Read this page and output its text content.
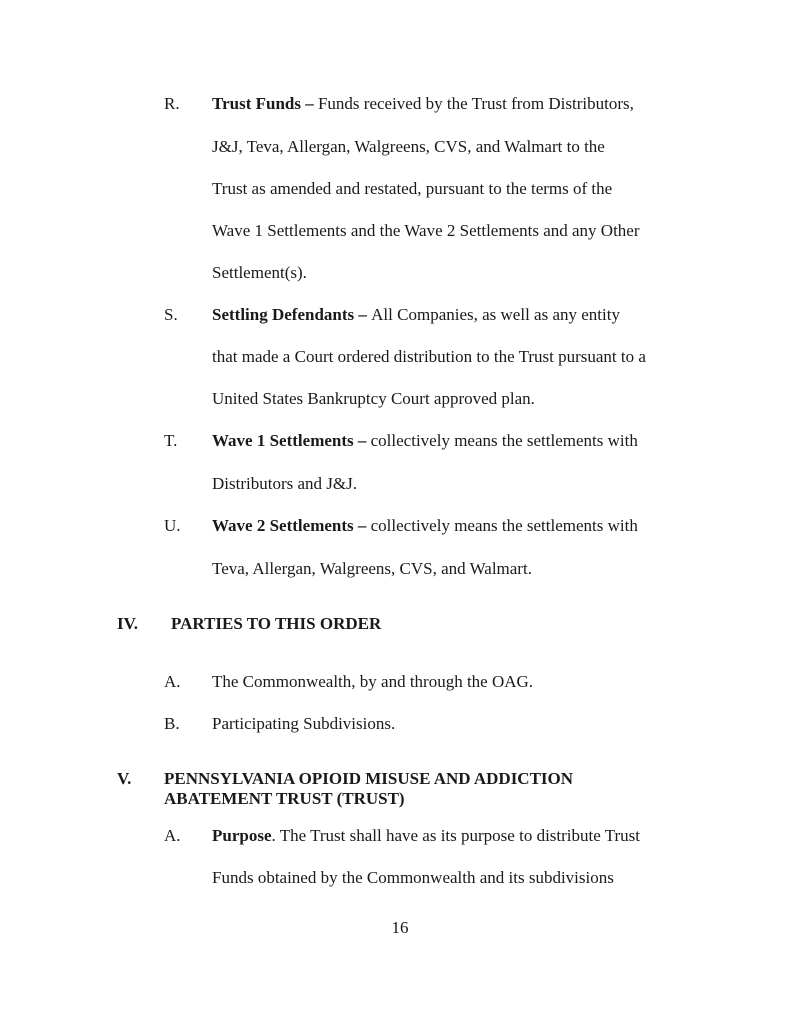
R. Trust Funds – Funds received by the Trust from Distributors,
J&J, Teva, Allergan, Walgreens, CVS, and Walmart to the
Trust as amended and restated, pursuant to the terms of the
Wave 1 Settlements and the Wave 2 Settlements and any Other
Settlement(s).
S. Settling Defendants – All Companies, as well as any entity
that made a Court ordered distribution to the Trust pursuant to a
United States Bankruptcy Court approved plan.
T. Wave 1 Settlements – collectively means the settlements with
Distributors and J&J.
U. Wave 2 Settlements – collectively means the settlements with
Teva, Allergan, Walgreens, CVS, and Walmart.
IV. PARTIES TO THIS ORDER
A. The Commonwealth, by and through the OAG.
B. Participating Subdivisions.
V. PENNSYLVANIA OPIOID MISUSE AND ADDICTION
ABATEMENT TRUST (TRUST)
A. Purpose. The Trust shall have as its purpose to distribute Trust
Funds obtained by the Commonwealth and its subdivisions
16
